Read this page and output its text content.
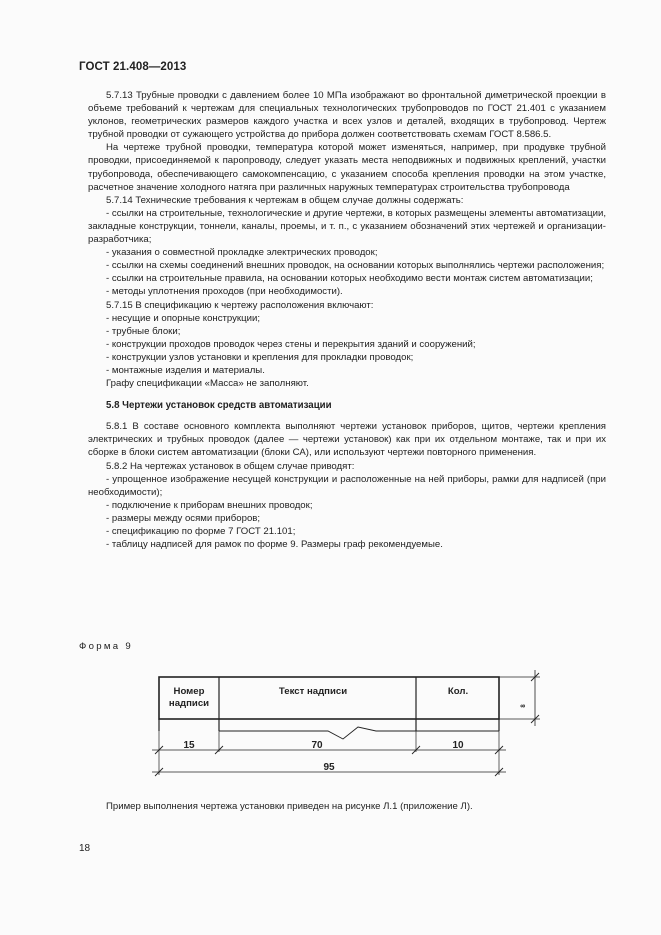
ГОСТ 21.408—2013

5.7.13 Трубные проводки с давлением более 10 МПа изображают во фронтальной диметрической проекции в объеме требований к чертежам для специальных технологических трубопроводов по ГОСТ 21.401 с указанием уклонов, геометрических размеров каждого участка и всех узлов и деталей, входящих в трубопровод. Чертеж трубной проводки от сужающего устройства до прибора должен соответствовать схемам ГОСТ 8.586.5.

На чертеже трубной проводки, температура которой может изменяться, например, при продувке трубной проводки, присоединяемой к паропроводу, следует указать места неподвижных и подвижных креплений, участки трубопровода, обеспечивающего самокомпенсацию, с указанием способа крепления проводки на этом участке, расчетное значение холодного натяга при различных наружных температурах строительства трубопровода

5.7.14 Технические требования к чертежам в общем случае должны содержать:

- ссылки на строительные, технологические и другие чертежи, в которых размещены элементы автоматизации, закладные конструкции, тоннели, каналы, проемы, и т. п., с указанием обозначений этих чертежей и организации-разработчика;

- указания о совместной прокладке электрических проводок;

- ссылки на схемы соединений внешних проводок, на основании которых выполнялись чертежи расположения;

- ссылки на строительные правила, на основании которых необходимо вести монтаж систем автоматизации;

- методы уплотнения проходов (при необходимости).

5.7.15 В спецификацию к чертежу расположения включают:

- несущие и опорные конструкции;

- трубные блоки;

- конструкции проходов проводок через стены и перекрытия зданий и сооружений;

- конструкции узлов установки и крепления для прокладки проводок;

- монтажные изделия и материалы.

Графу спецификации «Масса» не заполняют.

5.8 Чертежи установок средств автоматизации

5.8.1 В составе основного комплекта выполняют чертежи установок приборов, щитов, чертежи крепления электрических и трубных проводок (далее — чертежи установок) как при их отдельном монтаже, так и при их сборке в блоки систем автоматизации (блоки СА), или используют чертежи повторного применения.

5.8.2 На чертежах установок в общем случае приводят:

- упрощенное изображение несущей конструкции и расположенные на ней приборы, рамки для надписей (при необходимости);

- подключение к приборам внешних проводок;

- размеры между осями приборов;

- спецификацию по форме 7 ГОСТ 21.101;

- таблицу надписей для рамок по форме 9. Размеры граф рекомендуемые.

Форма 9
Номер
надписи
Текст надписи	Кол.
15	70	10
95
8
Пример выполнения чертежа установки приведен на рисунке Л.1 (приложение Л).
18
